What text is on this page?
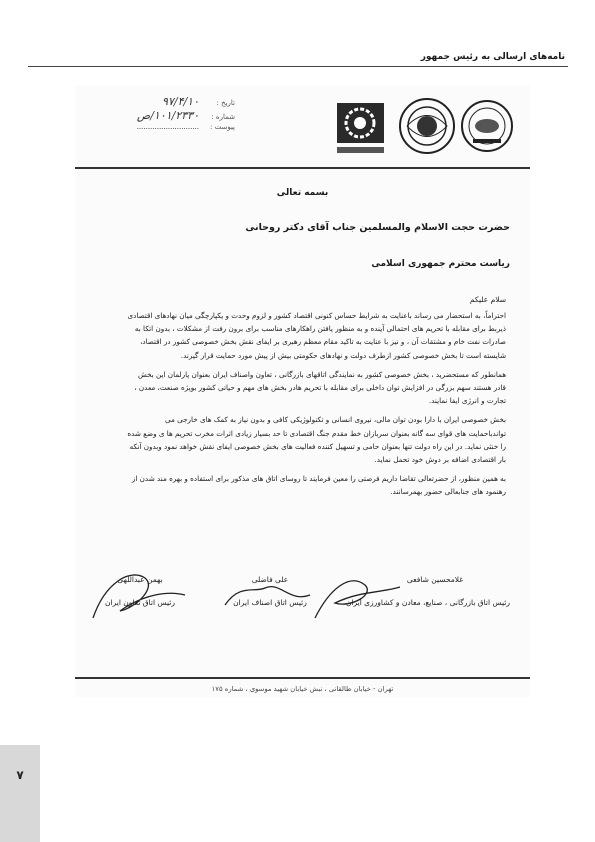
نامه‌های ارسالی به رئیس جمهور
تاریخ :
۹۷/۴/۱۰
شماره :
۱۰۱/۲۳۳۰/ص
پیوست :
............................
بسمه تعالی
حضرت حجت الاسلام والمسلمین جناب آقای دکتر روحانی
ریاست محترم جمهوری اسلامی
سلام علیکم

احتراماً، به استحضار می رساند باعنایت به شرایط حساس کنونی اقتصاد کشور و لزوم وحدت و یکپارچگی میان نهادهای اقتصادی ذیربط برای مقابله با تحریم های احتمالی آینده و به منظور یافتن راهکارهای مناسب برای برون رفت از مشکلات ، بدون اتکا به صادرات نفت خام و مشتقات آن ، و نیز با عنایت به تاکید مقام معظم رهبری بر ایفای نقش بخش خصوصی کشور در اقتصاد، شایسته است تا بخش خصوصی کشور ازطرف دولت و نهادهای حکومتی بیش از پیش مورد حمایت قرار گیرند.

همانطور که مستحضرید ، بخش خصوصی کشور به نمایندگی اتاقهای بازرگانی ، تعاون واصناف ایران بعنوان پارلمان این بخش قادر هستند سهم بزرگی در افزایش توان داخلی برای مقابله با تحریم هادر بخش های مهم و حیاتی کشور بویژه صنعت، معدن ، تجارت و انرژی ایفا نمایند.

بخش خصوصی ایران با دارا بودن توان مالی، نیروی انسانی و تکنولوژیکی کافی و بدون نیاز به کمک های خارجی می تواندباحمایت های قوای سه گانه بعنوان سربازان خط مقدم جنگ اقتصادی تا حد بسیار زیادی اثرات مخرب تحریم ها ی وضع شده را خنثی نماید. در این راه دولت تنها بعنوان حامی و تسهیل کننده فعالیت های بخش خصوصی ایفای نقش خواهد نمود وبدون آنکه بار اقتصادی اضافه بر دوش خود تحمل نماید.

به همین منظور، از حضرتعالی تقاضا داریم فرصتی را معین فرمایند تا روسای اتاق های مذکور برای استفاده و بهره مند شدن از رهنمود های جنابعالی حضور بهمرسانند.

غلامحسین شافعی
رئیس اتاق بازرگانی ، صنایع، معادن و کشاورزی ایران
علی فاضلی
رئیس اتاق اصناف ایران
بهمن عبداللهی
رئیس اتاق تعاون ایران
تهران - خیابان طالقانی ، نبش خیابان شهید موسوی ، شماره ۱۷۵
۷
